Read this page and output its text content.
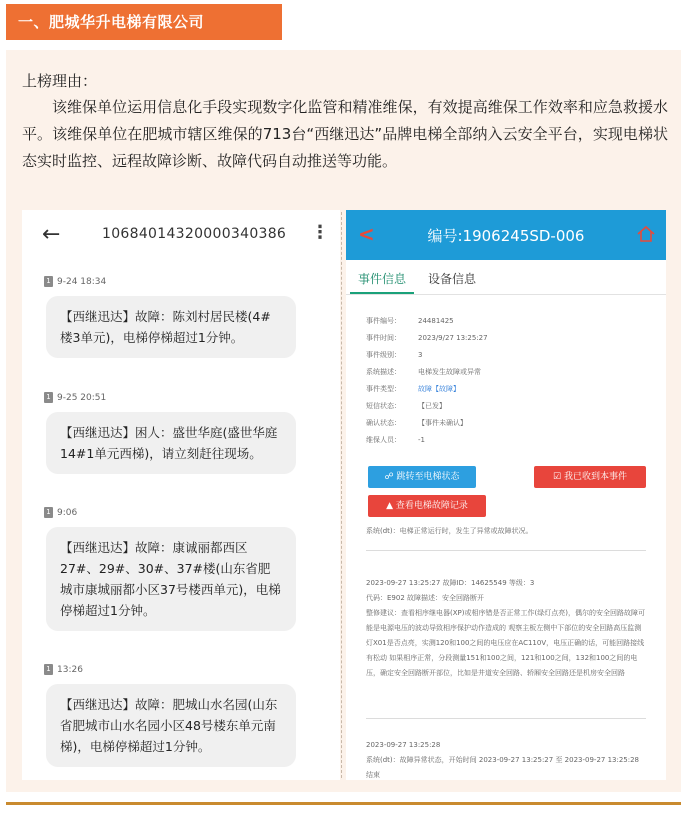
一、肥城华升电梯有限公司
上榜理由：
该维保单位运用信息化手段实现数字化监管和精准维保，有效提高维保工作效率和应急救援水平。该维保单位在肥城市辖区维保的713台“西继迅达”品牌电梯全部纳入云安全平台，实现电梯状态实时监控、远程故障诊断、故障代码自动推送等功能。
←	10684014320000340386 ⋮
1 9-24 18:34
【西继迅达】故障：陈刘村居民楼(4#楼3单元)，电梯停梯超过1分钟。
1 9-25 20:51
【西继迅达】困人：盛世华庭(盛世华庭14#1单元西梯)，请立刻赶往现场。
1 9:06
【西继迅达】故障：康诚丽都西区27#、29#、30#、37#楼(山东省肥城市康城丽都小区37号楼西单元)，电梯停梯超过1分钟。
1 13:26
【西继迅达】故障：肥城山水名园(山东省肥城市山水名园小区48号楼东单元南梯)，电梯停梯超过1分钟。
<	编号:1906245SD-006
事件信息 设备信息
事件编号： 24481425
事件时间： 2023/9/27 13:25:27
事件级别： 3
系统描述： 电梯发生故障或异常
事件类型： 故障【故障】
短信状态： 【已发】
确认状态： 【事件未确认】
维保人员： -1
☍ 跳转至电梯状态	☑ 我已收到本事件
▲ 查看电梯故障记录
系统(dt)：电梯正常运行时，发生了异常或故障状况。
2023-09-27 13:25:27 故障ID：14625549 等级：3
代码：E902 故障描述：安全回路断开
整修建议：查看相序继电器(XP)或相序错是否正常工作(绿灯点亮)，偶尔的安全回路故障可能是电源电压的波动导致相序保护动作造成的 观察主板左侧中下部位的安全回路高压监测灯X01是否点亮，实测120和100之间的电压应在AC110V，电压正确的话，可能回路接线有松动 如果相序正常，分段测量151和100之间，121和100之间，132和100之间的电压，确定安全回路断开部位，比如是井道安全回路、轿厢安全回路还是机房安全回路
2023-09-27 13:25:28
系统(dt)：故障异常状态，开始时间 2023-09-27 13:25:27 至 2023-09-27 13:25:28 结束
